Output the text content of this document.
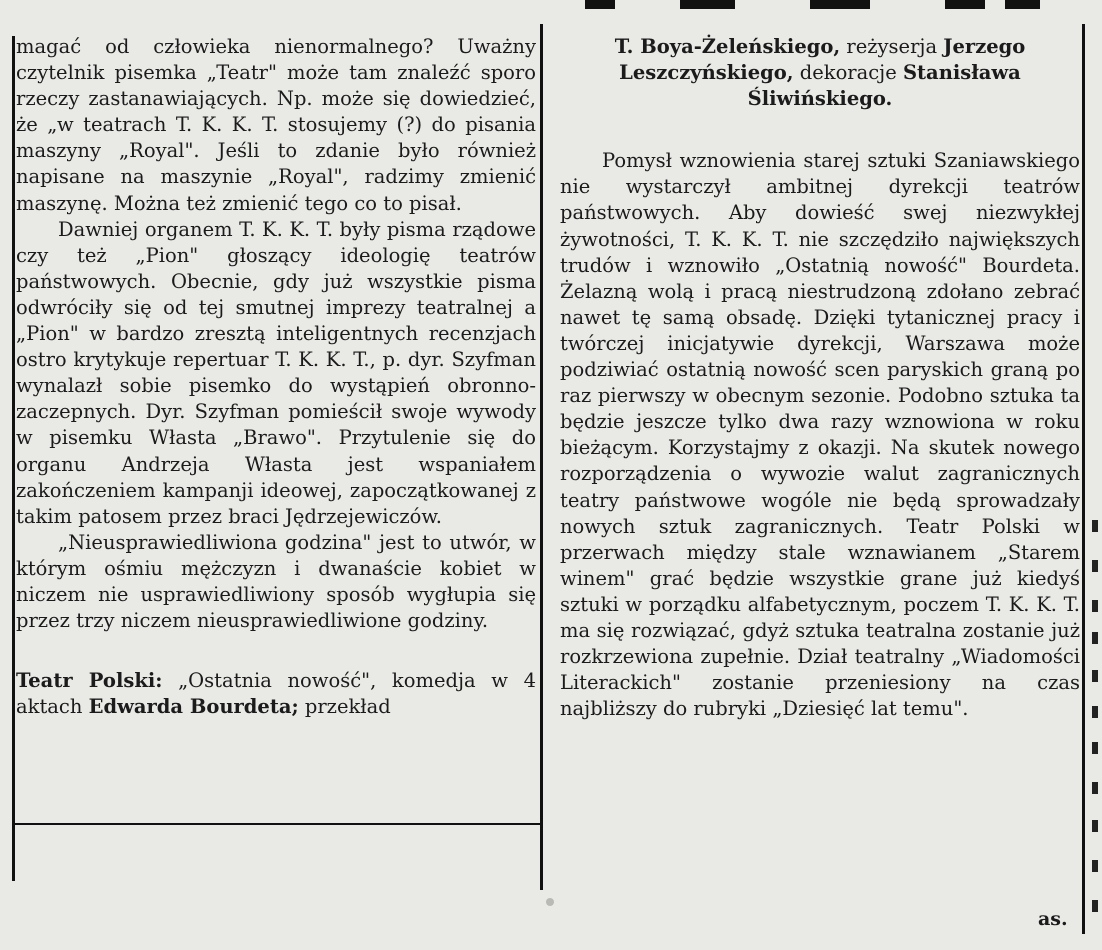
magać od człowieka nienormalnego? Uważny czytelnik pisemka „Teatr" może tam znaleźć sporo rzeczy zastanawiających. Np. może się dowiedzieć, że „w teatrach T. K. K. T. stosujemy (?) do pisania maszyny „Royal". Jeśli to zdanie było również napisane na maszynie „Royal", radzimy zmienić maszynę. Można też zmienić tego co to pisał.

Dawniej organem T. K. K. T. były pisma rządowe czy też „Pion" głoszący ideologię teatrów państwowych. Obecnie, gdy już wszystkie pisma odwróciły się od tej smutnej imprezy teatralnej a „Pion" w bardzo zresztą inteligentnych recenzjach ostro krytykuje repertuar T. K. K. T., p. dyr. Szyfman wynalazł sobie pisemko do wystąpień obronno-zaczepnych. Dyr. Szyfman pomieścił swoje wywody w pisemku Własta „Brawo". Przytulenie się do organu Andrzeja Własta jest wspaniałem zakończeniem kampanji ideowej, zapoczątkowanej z takim patosem przez braci Jędrzejewiczów.

„Nieusprawiedliwiona godzina" jest to utwór, w którym ośmiu mężczyzn i dwanaście kobiet w niczem nie usprawiedliwiony sposób wygłupia się przez trzy niczem nieusprawiedliwione godziny.

Teatr Polski: „Ostatnia nowość", komedja w 4 aktach Edwarda Bourdeta; przekład

T. Boya-Żeleńskiego, reżyserja Jerzego Leszczyńskiego, dekoracje Stanisława Śliwińskiego.

Pomysł wznowienia starej sztuki Szaniawskiego nie wystarczył ambitnej dyrekcji teatrów państwowych. Aby dowieść swej niezwykłej żywotności, T. K. K. T. nie szczędziło największych trudów i wznowiło „Ostatnią nowość" Bourdeta. Żelazną wolą i pracą niestrudzoną zdołano zebrać nawet tę samą obsadę. Dzięki tytanicznej pracy i twórczej inicjatywie dyrekcji, Warszawa może podziwiać ostatnią nowość scen paryskich graną po raz pierwszy w obecnym sezonie. Podobno sztuka ta będzie jeszcze tylko dwa razy wznowiona w roku bieżącym. Korzystajmy z okazji. Na skutek nowego rozporządzenia o wywozie walut zagranicznych teatry państwowe wogóle nie będą sprowadzały nowych sztuk zagranicznych. Teatr Polski w przerwach między stale wznawianem „Starem winem" grać będzie wszystkie grane już kiedyś sztuki w porządku alfabetycznym, poczem T. K. K. T. ma się rozwiązać, gdyż sztuka teatralna zostanie już rozkrzewiona zupełnie. Dział teatralny „Wiadomości Literackich" zostanie przeniesiony na czas najbliższy do rubryki „Dziesięć lat temu".

as.
